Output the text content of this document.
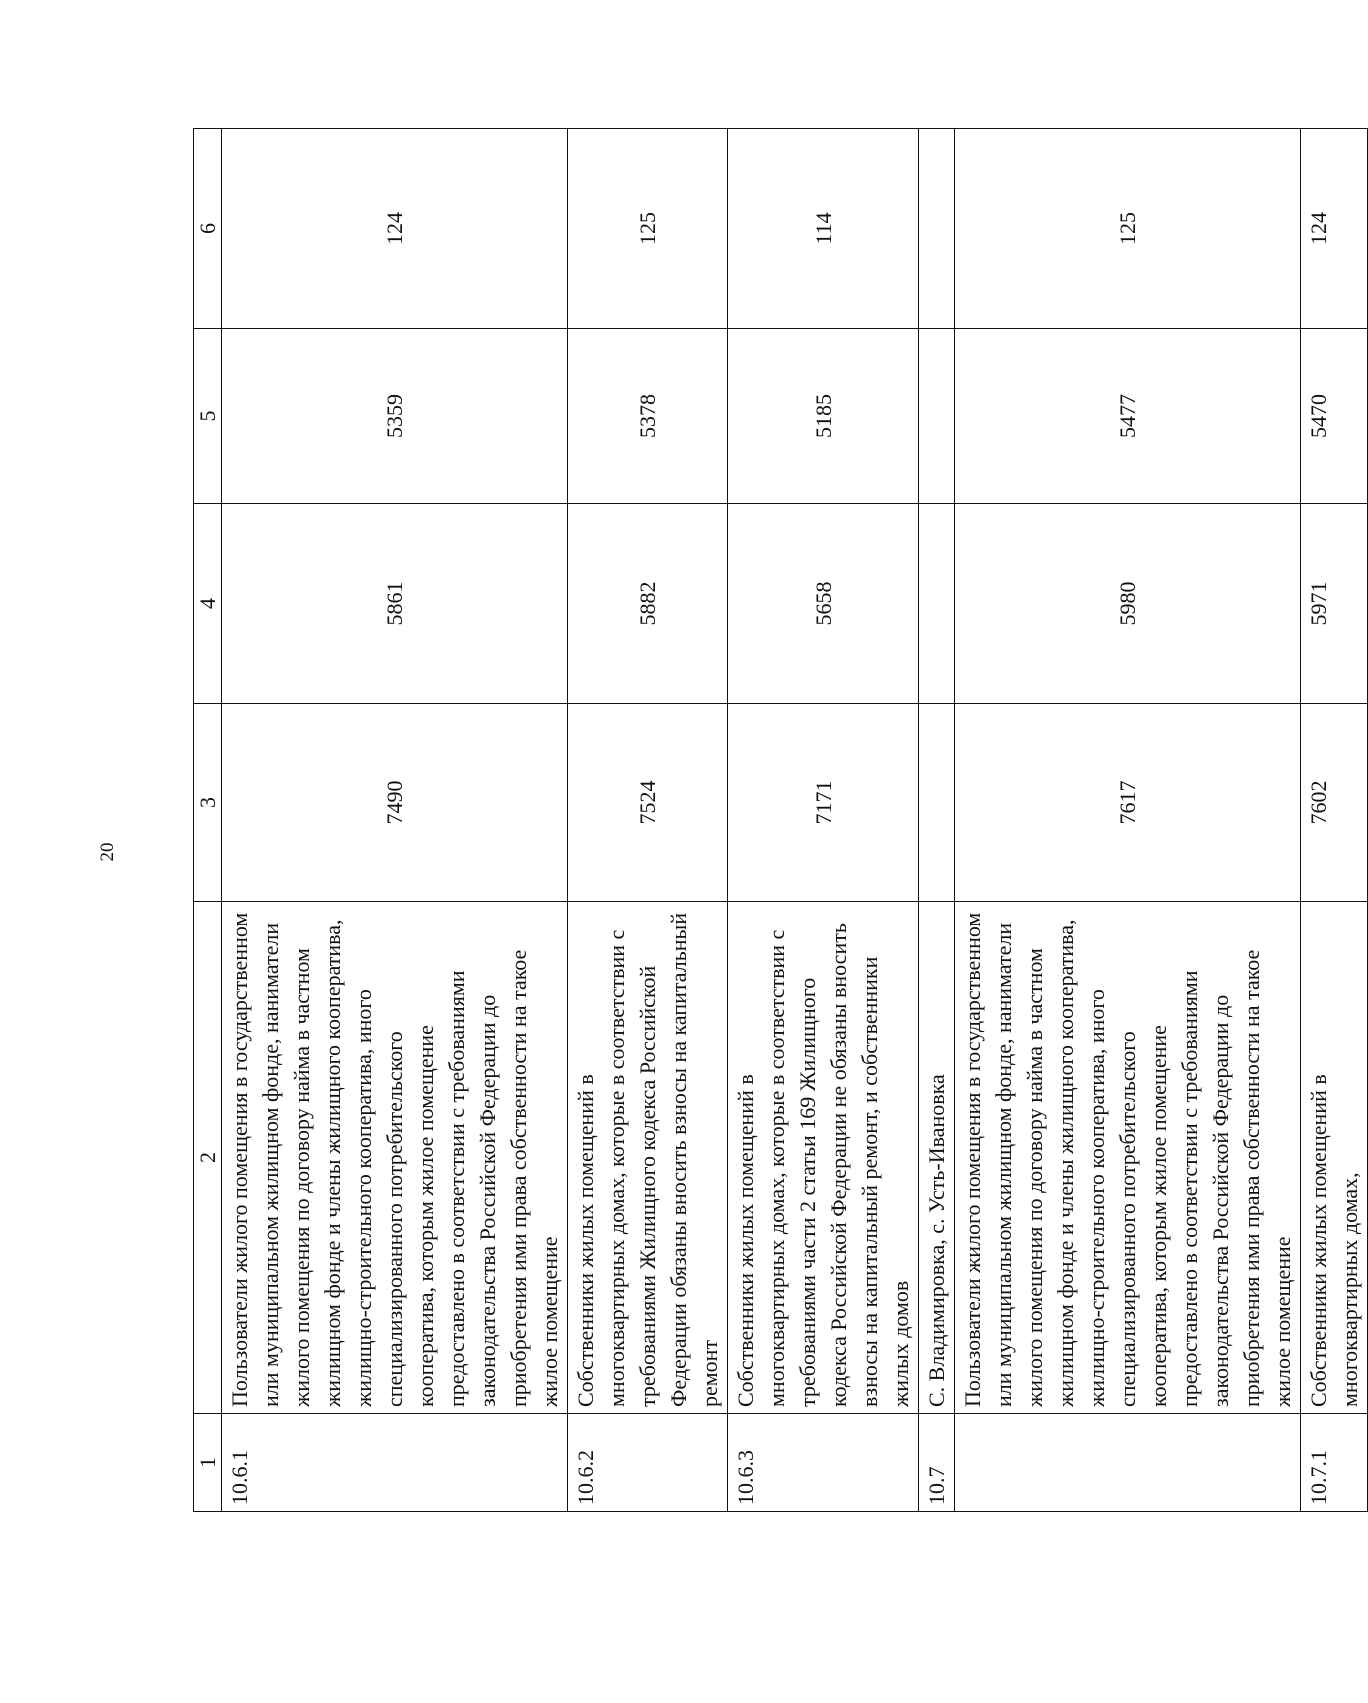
20
1	2	3	4	5	6
10.6.1	Пользователи жилого помещения в государственном или муниципальном жилищном фонде, наниматели жилого помещения по договору найма в частном жилищном фонде и члены жилищного кооператива, жилищно-строительного кооператива, иного специализированного потребительского кооператива, которым жилое помещение предоставлено в соответствии с требованиями законодательства Российской Федерации до приобретения ими права собственности на такое жилое помещение	7490	5861	5359	124
10.6.2	Собственники жилых помещений в многоквартирных домах, которые в соответствии с требованиями Жилищного кодекса Российской Федерации обязаны вносить взносы на капитальный ремонт	7524	5882	5378	125
10.6.3	Собственники жилых помещений в многоквартирных домах, которые в соответствии с требованиями части 2 статьи 169 Жилищного кодекса Российской Федерации не обязаны вносить взносы на капитальный ремонт, и собственники жилых домов	7171	5658	5185	114
10.7	С. Владимировка, с. Усть-Ивановка				
	Пользователи жилого помещения в государственном или муниципальном жилищном фонде, наниматели жилого помещения по договору найма в частном жилищном фонде и члены жилищного кооператива, жилищно-строительного кооператива, иного специализированного потребительского кооператива, которым жилое помещение предоставлено в соответствии с требованиями законодательства Российской Федерации до приобретения ими права собственности на такое жилое помещение	7617	5980	5477	125
10.7.1	Собственники жилых помещений в многоквартирных домах,	7602	5971	5470	124
